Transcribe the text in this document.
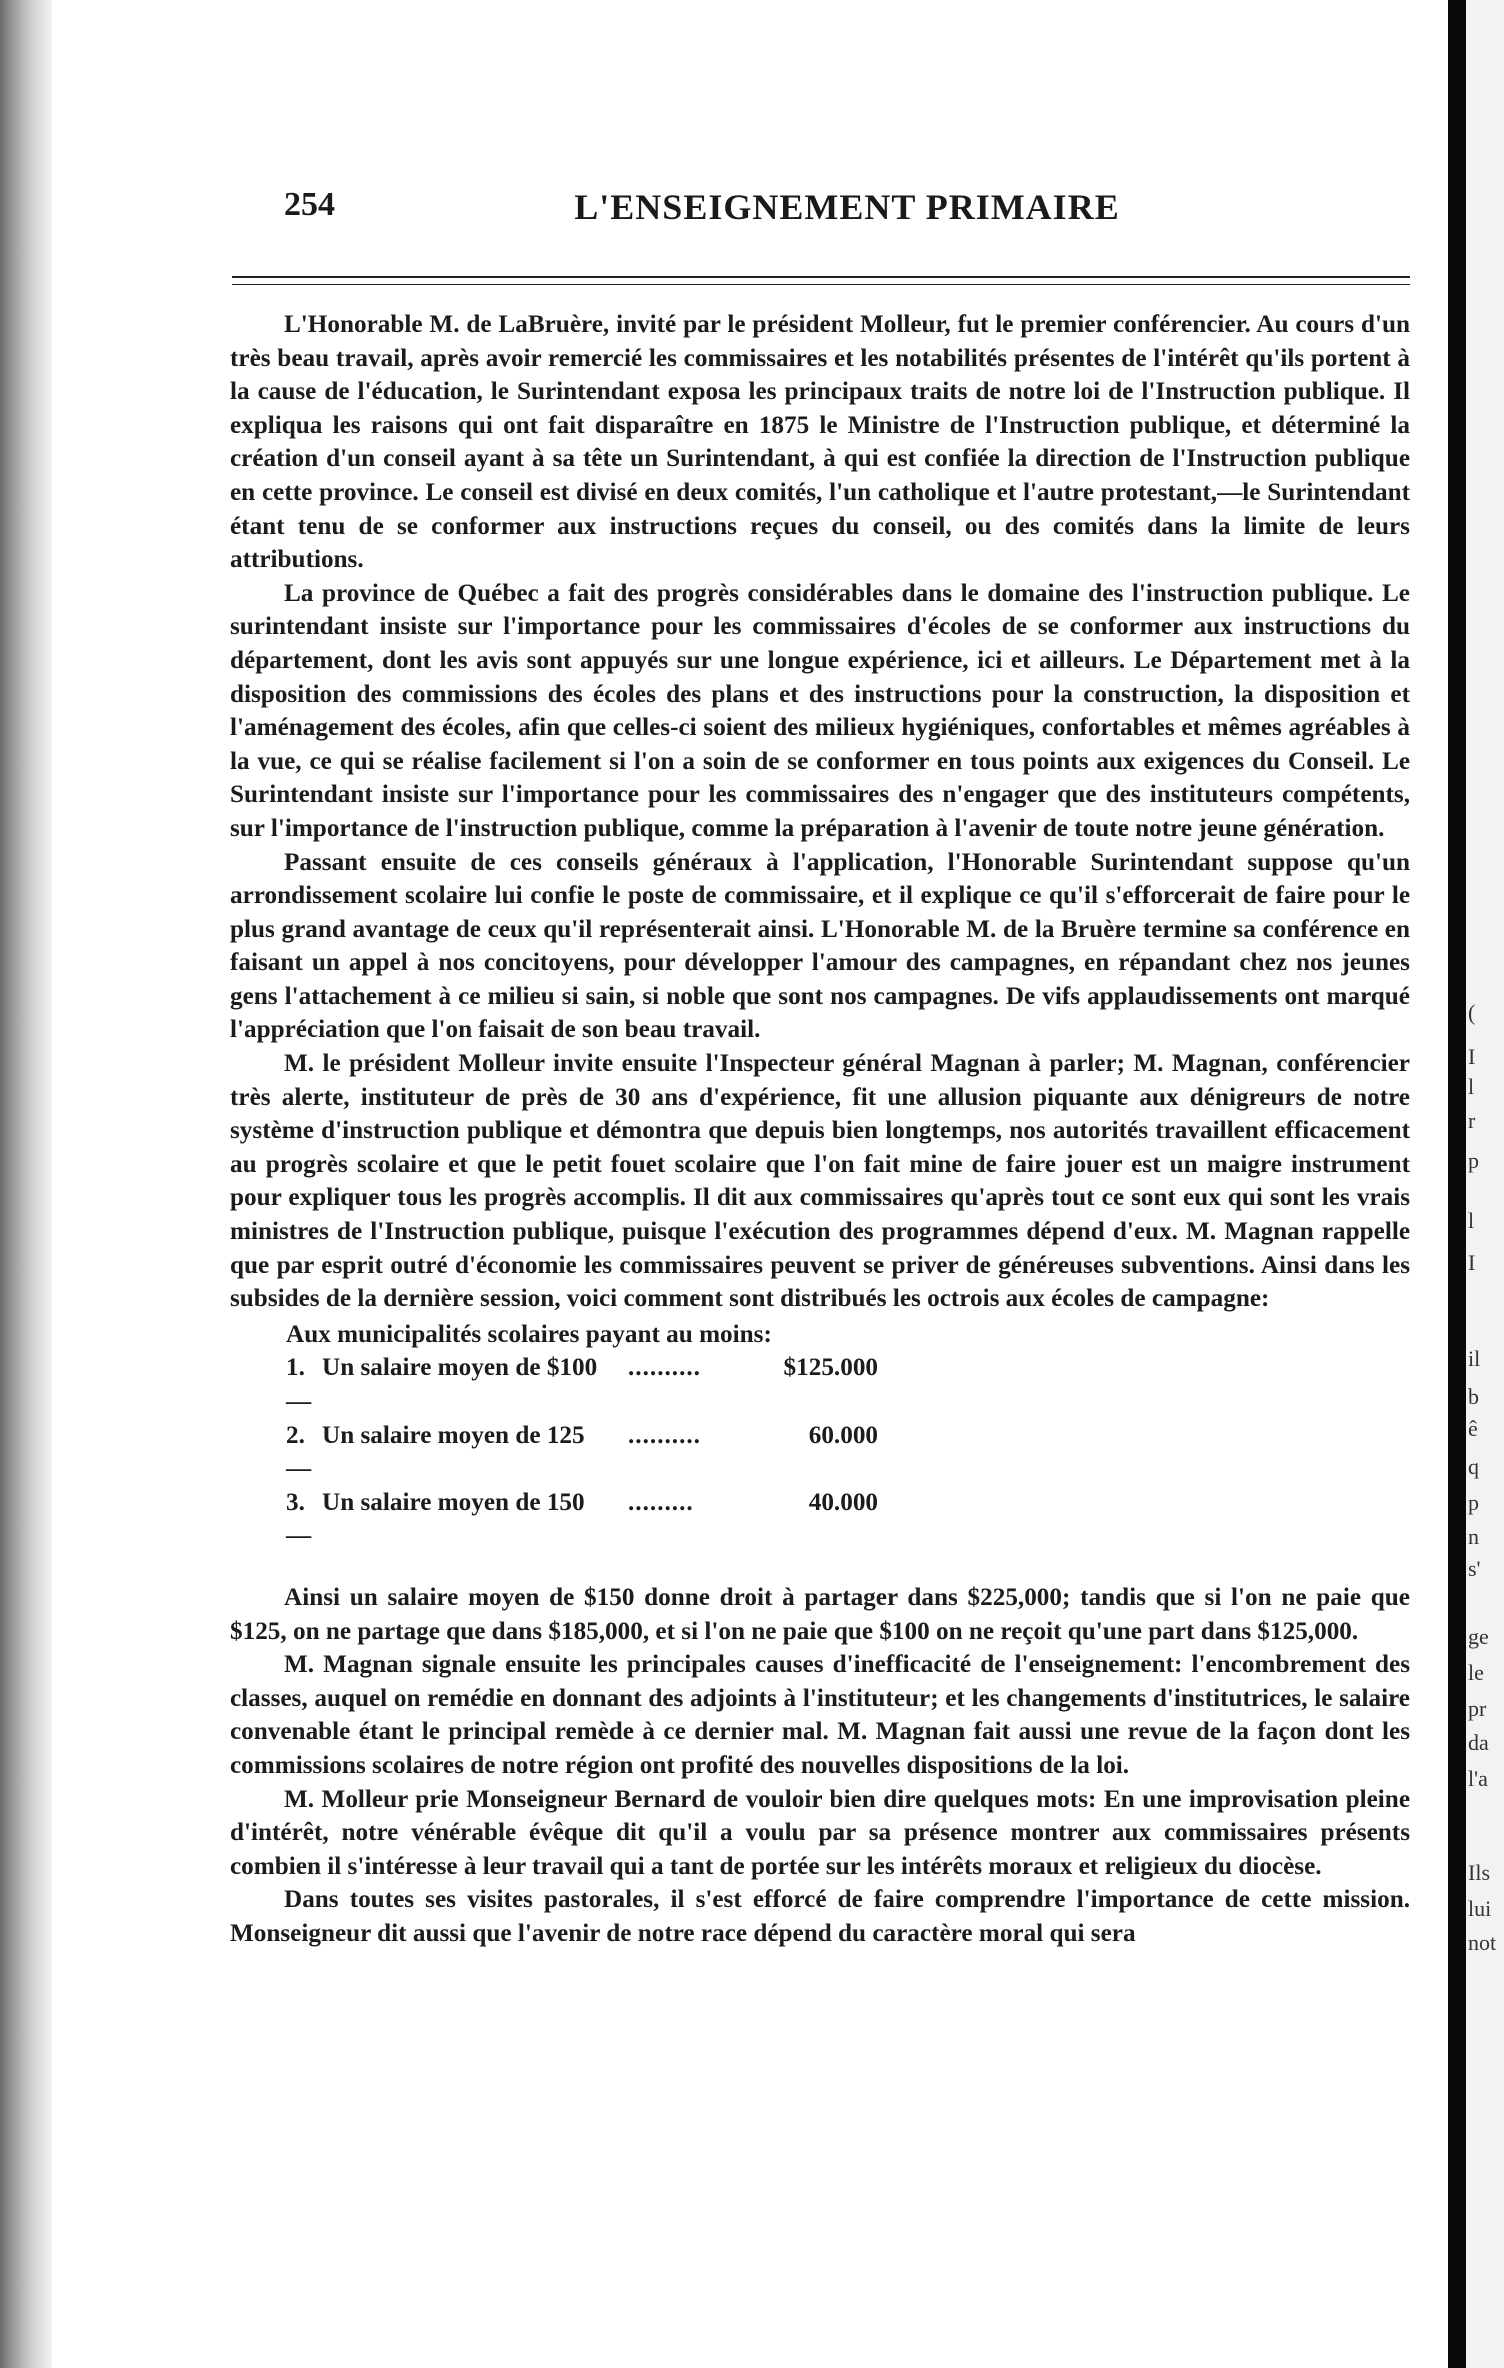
254	L'ENSEIGNEMENT PRIMAIRE

L'Honorable M. de LaBruère, invité par le président Molleur, fut le premier conférencier. Au cours d'un très beau travail, après avoir remercié les commissaires et les notabilités présentes de l'intérêt qu'ils portent à la cause de l'éducation, le Surintendant exposa les principaux traits de notre loi de l'Instruction publique. Il expliqua les raisons qui ont fait disparaître en 1875 le Ministre de l'Instruction publique, et déterminé la création d'un conseil ayant à sa tête un Surintendant, à qui est confiée la direction de l'Instruction publique en cette province. Le conseil est divisé en deux comités, l'un catholique et l'autre protestant,—le Surintendant étant tenu de se conformer aux instructions reçues du conseil, ou des comités dans la limite de leurs attributions.

La province de Québec a fait des progrès considérables dans le domaine des l'instruction publique. Le surintendant insiste sur l'importance pour les commissaires d'écoles de se conformer aux instructions du département, dont les avis sont appuyés sur une longue expérience, ici et ailleurs. Le Département met à la disposition des commissions des écoles des plans et des instructions pour la construction, la disposition et l'aménagement des écoles, afin que celles-ci soient des milieux hygiéniques, confortables et mêmes agréables à la vue, ce qui se réalise facilement si l'on a soin de se conformer en tous points aux exigences du Conseil. Le Surintendant insiste sur l'importance pour les commissaires des n'engager que des instituteurs compétents, sur l'importance de l'instruction publique, comme la préparation à l'avenir de toute notre jeune génération.

Passant ensuite de ces conseils généraux à l'application, l'Honorable Surintendant suppose qu'un arrondissement scolaire lui confie le poste de commissaire, et il explique ce qu'il s'efforcerait de faire pour le plus grand avantage de ceux qu'il représenterait ainsi. L'Honorable M. de la Bruère termine sa conférence en faisant un appel à nos concitoyens, pour développer l'amour des campagnes, en répandant chez nos jeunes gens l'attachement à ce milieu si sain, si noble que sont nos campagnes. De vifs applaudissements ont marqué l'appréciation que l'on faisait de son beau travail.

M. le président Molleur invite ensuite l'Inspecteur général Magnan à parler; M. Magnan, conférencier très alerte, instituteur de près de 30 ans d'expérience, fit une allusion piquante aux dénigreurs de notre système d'instruction publique et démontra que depuis bien longtemps, nos autorités travaillent efficacement au progrès scolaire et que le petit fouet scolaire que l'on fait mine de faire jouer est un maigre instrument pour expliquer tous les progrès accomplis. Il dit aux commissaires qu'après tout ce sont eux qui sont les vrais ministres de l'Instruction publique, puisque l'exécution des programmes dépend d'eux. M. Magnan rappelle que par esprit outré d'économie les commissaires peuvent se priver de généreuses subventions. Ainsi dans les subsides de la dernière session, voici comment sont distribués les octrois aux écoles de campagne:

Aux municipalités scolaires payant au moins:
1.—
Un salaire moyen de $100	..........	$125.000
2.—
Un salaire moyen de 125	..........	60.000
3.—
Un salaire moyen de 150	.........	40.000

Ainsi un salaire moyen de $150 donne droit à partager dans $225,000; tandis que si l'on ne paie que $125, on ne partage que dans $185,000, et si l'on ne paie que $100 on ne reçoit qu'une part dans $125,000.

M. Magnan signale ensuite les principales causes d'inefficacité de l'enseignement: l'encombrement des classes, auquel on remédie en donnant des adjoints à l'instituteur; et les changements d'institutrices, le salaire convenable étant le principal remède à ce dernier mal. M. Magnan fait aussi une revue de la façon dont les commissions scolaires de notre région ont profité des nouvelles dispositions de la loi.

M. Molleur prie Monseigneur Bernard de vouloir bien dire quelques mots: En une improvisation pleine d'intérêt, notre vénérable évêque dit qu'il a voulu par sa présence montrer aux commissaires présents combien il s'intéresse à leur travail qui a tant de portée sur les intérêts moraux et religieux du diocèse.

Dans toutes ses visites pastorales, il s'est efforcé de faire comprendre l'importance de cette mission. Monseigneur dit aussi que l'avenir de notre race dépend du caractère moral qui sera

(
I
l
r
p
l
I
il
b
ê
q
p
n
s'
ge
le
pr
da
l'a
Ils
lui
not
